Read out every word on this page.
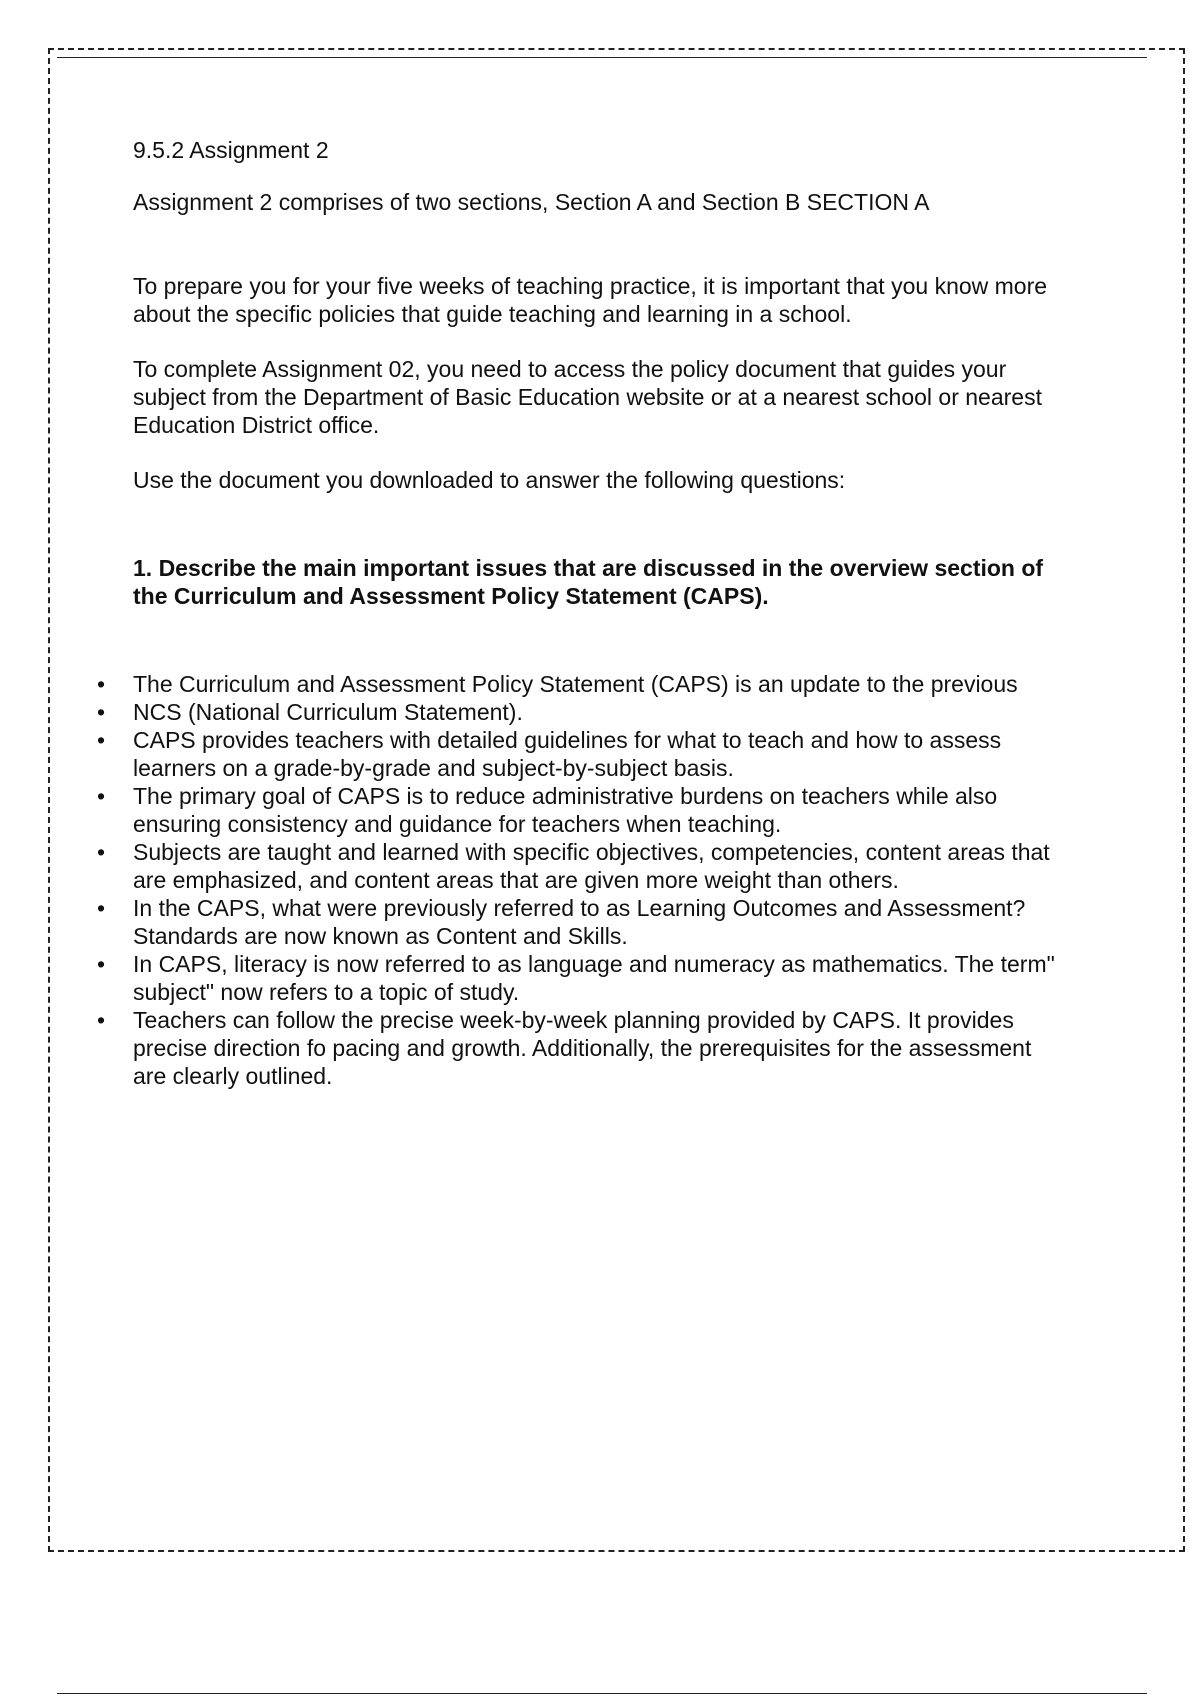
9.5.2 Assignment 2

Assignment 2 comprises of two sections, Section A and Section B SECTION A

To prepare you for your five weeks of teaching practice, it is important that you know more about the specific policies that guide teaching and learning in a school.

To complete Assignment 02, you need to access the policy document that guides your subject from the Department of Basic Education website or at a nearest school or nearest Education District office.

Use the document you downloaded to answer the following questions:

1. Describe the main important issues that are discussed in the overview section of the Curriculum and Assessment Policy Statement (CAPS).

• The Curriculum and Assessment Policy Statement (CAPS) is an update to the previous
• NCS (National Curriculum Statement).
• CAPS provides teachers with detailed guidelines for what to teach and how to assess learners on a grade-by-grade and subject-by-subject basis.
• The primary goal of CAPS is to reduce administrative burdens on teachers while also ensuring consistency and guidance for teachers when teaching.
• Subjects are taught and learned with specific objectives, competencies, content areas that are emphasized, and content areas that are given more weight than others.
• In the CAPS, what were previously referred to as Learning Outcomes and Assessment? Standards are now known as Content and Skills.
• In CAPS, literacy is now referred to as language and numeracy as mathematics. The term" subject" now refers to a topic of study.
• Teachers can follow the precise week-by-week planning provided by CAPS. It provides precise direction fo pacing and growth. Additionally, the prerequisites for the assessment are clearly outlined.
